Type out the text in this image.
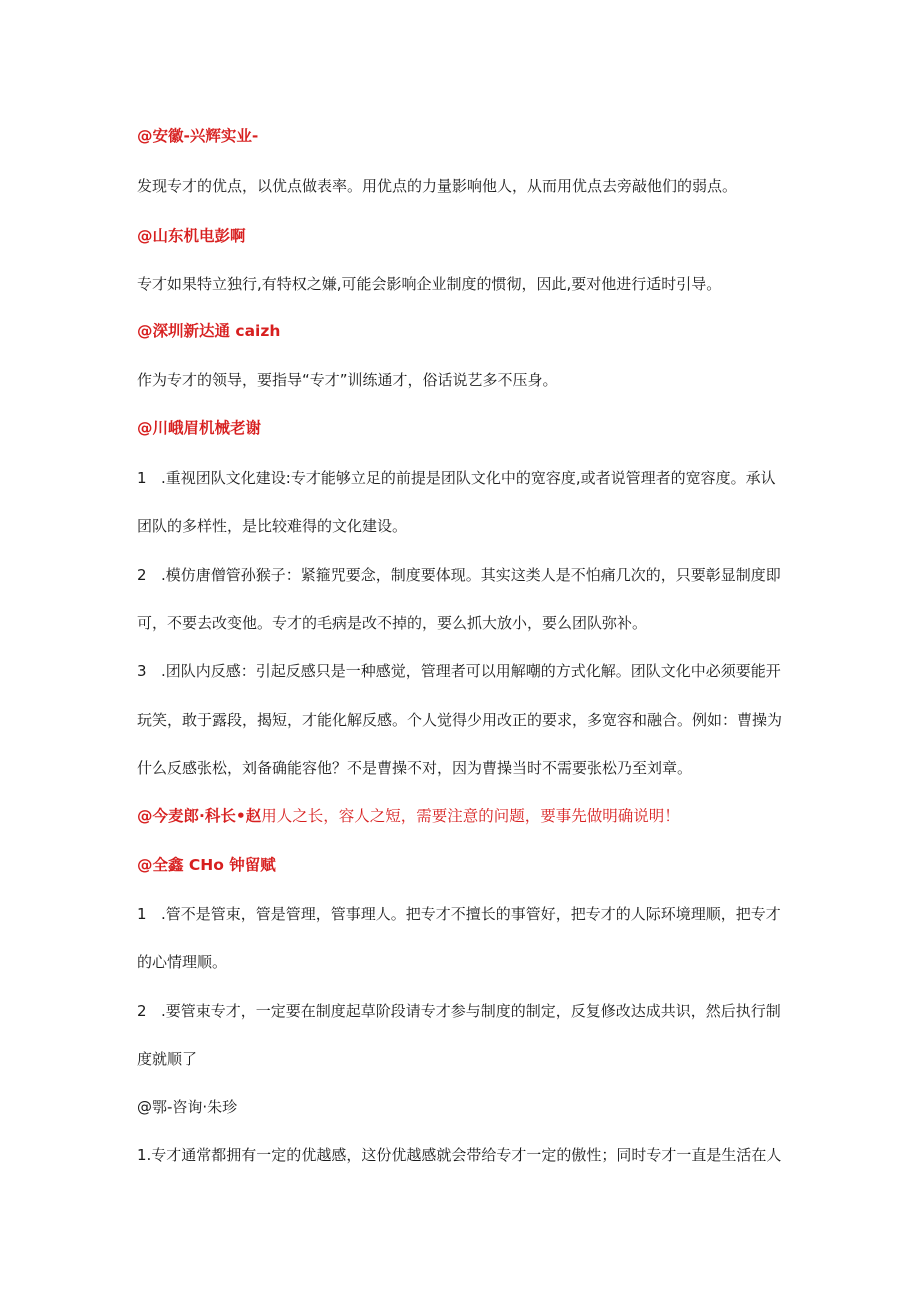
@安徽-兴辉实业-
发现专才的优点，以优点做表率。用优点的力量影响他人，从而用优点去旁敲他们的弱点。
@山东机电彭啊
专才如果特立独行,有特权之嫌,可能会影响企业制度的惯彻，因此,要对他进行适时引导。
@深圳新达通 caizh
作为专才的领导，要指导“专才”训练通才，俗话说艺多不压身。
@川峨眉机械老谢
1 .重视团队文化建设:专才能够立足的前提是团队文化中的宽容度,或者说管理者的宽容度。承认
团队的多样性，是比较难得的文化建设。
2 .模仿唐僧管孙猴子：紧箍咒要念，制度要体现。其实这类人是不怕痛几次的，只要彰显制度即
可，不要去改变他。专才的毛病是改不掉的，要么抓大放小，要么团队弥补。
3 .团队内反感：引起反感只是一种感觉，管理者可以用解嘲的方式化解。团队文化中必须要能开
玩笑，敢于露段，揭短，才能化解反感。个人觉得少用改正的要求，多宽容和融合。例如：曹操为
什么反感张松，刘备确能容他？不是曹操不对，因为曹操当时不需要张松乃至刘章。
@今麦郎·科长•赵用人之长，容人之短，需要注意的问题，要事先做明确说明！
@全鑫 CHo 钟留赋
1 .管不是管束，管是管理，管事理人。把专才不擅长的事管好，把专才的人际环境理顺，把专才
的心情理顺。
2 .要管束专才，一定要在制度起草阶段请专才参与制度的制定，反复修改达成共识，然后执行制
度就顺了
@鄂-咨询·朱珍
1.专才通常都拥有一定的优越感，这份优越感就会带给专才一定的傲性；同时专才一直是生活在人
